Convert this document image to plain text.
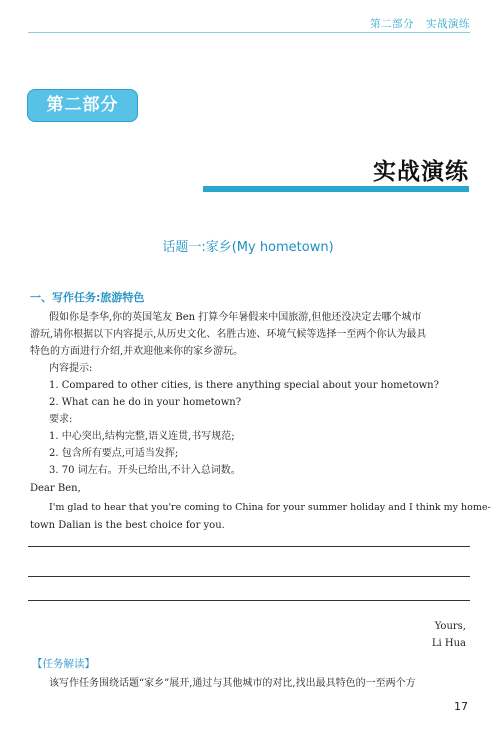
第二部分 实战演练
第二部分
实战演练
话题一:家乡(My hometown)
一、写作任务:旅游特色
假如你是李华,你的英国笔友 Ben 打算今年暑假来中国旅游,但他还没决定去哪个城市
游玩,请你根据以下内容提示,从历史文化、名胜古迹、环境气候等选择一至两个你认为最具
特色的方面进行介绍,并欢迎他来你的家乡游玩。
内容提示:
1. Compared to other cities, is there anything special about your hometown?
2. What can he do in your hometown?
要求:
1. 中心突出,结构完整,语义连贯,书写规范;
2. 包含所有要点,可适当发挥;
3. 70 词左右。开头已给出,不计入总词数。
Dear Ben,
I'm glad to hear that you're coming to China for your summer holiday and I think my home-
town Dalian is the best choice for you.
Yours,
Li Hua
【任务解读】
该写作任务围绕话题“家乡”展开,通过与其他城市的对比,找出最具特色的一至两个方
17
